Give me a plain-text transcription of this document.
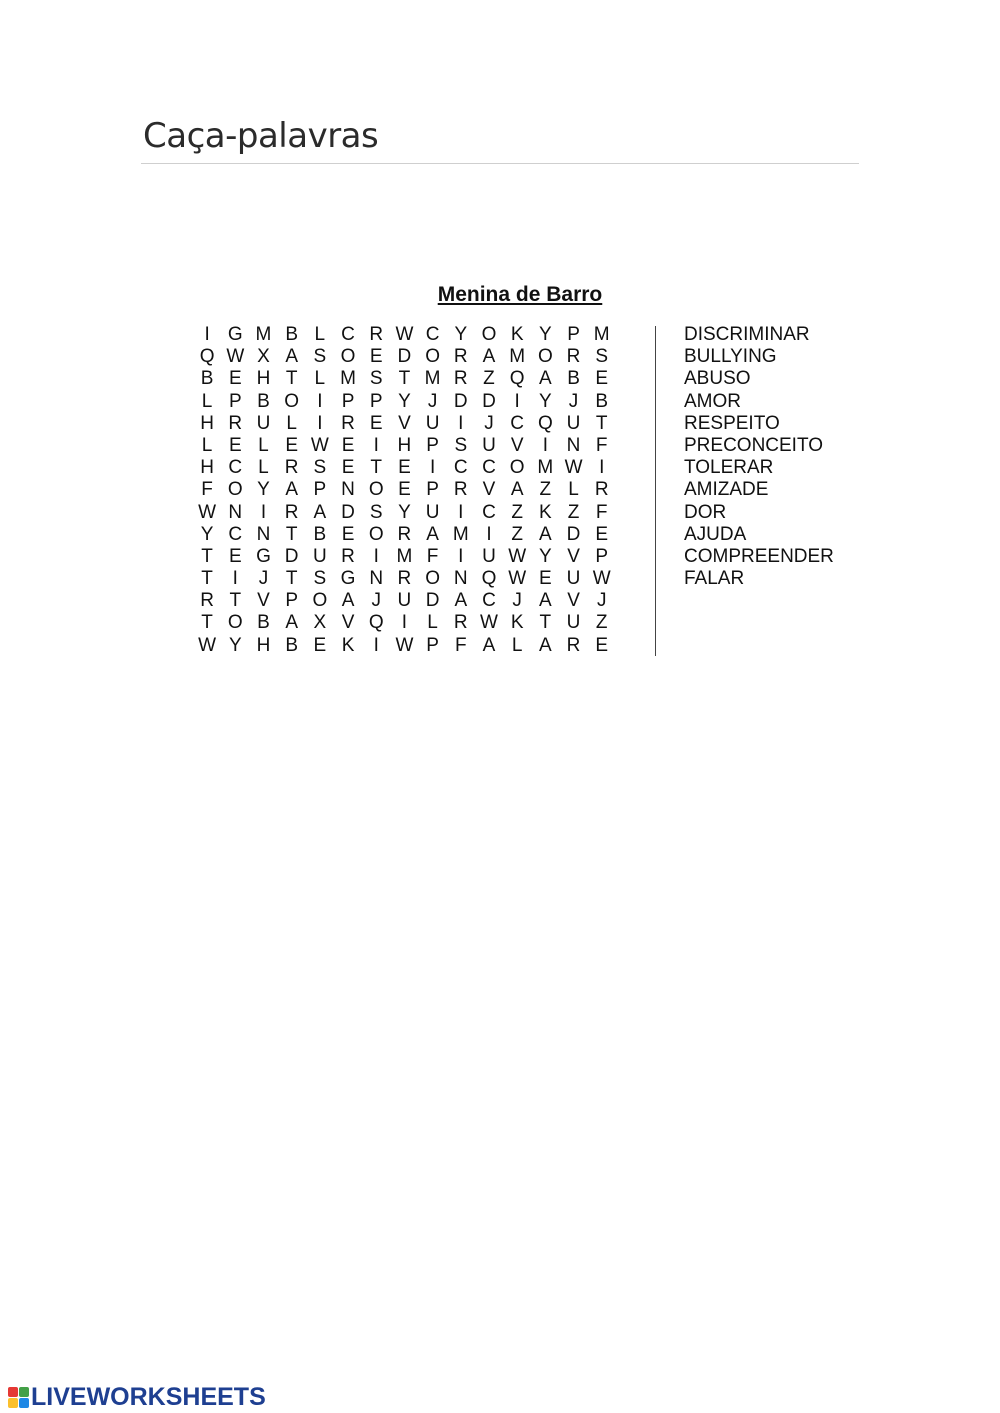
Caça-palavras
Menina de Barro
I G M B L C R W C Y O K Y P M
Q W X A S O E D O R A M O R S
B E H T L M S T M R Z Q A B E
L P B O I	P P Y J D D I	Y J B
H R U L	I R E V U I	J C Q U T
L E L E W E	I H P S U V	I N F
H C L R S E T E	I C C O M W I
F O Y A P N O E P R V A Z L R
W N I R A D S Y U I C Z K Z F
Y C N T B E O R A M I	Z A D E
T E G D U R I M F	I U W Y V P
T	I	J T S G N R O N Q W E U W
R T V P O A J U D A C J A V J
T O B A X V Q I	L R W K T U Z
W Y H B E K	I W P F A L A R E
DISCRIMINAR
BULLYING
ABUSO
AMOR
RESPEITO
PRECONCEITO
TOLERAR
AMIZADE
DOR
AJUDA
COMPREENDER
FALAR
LIVEWORKSHEETS
